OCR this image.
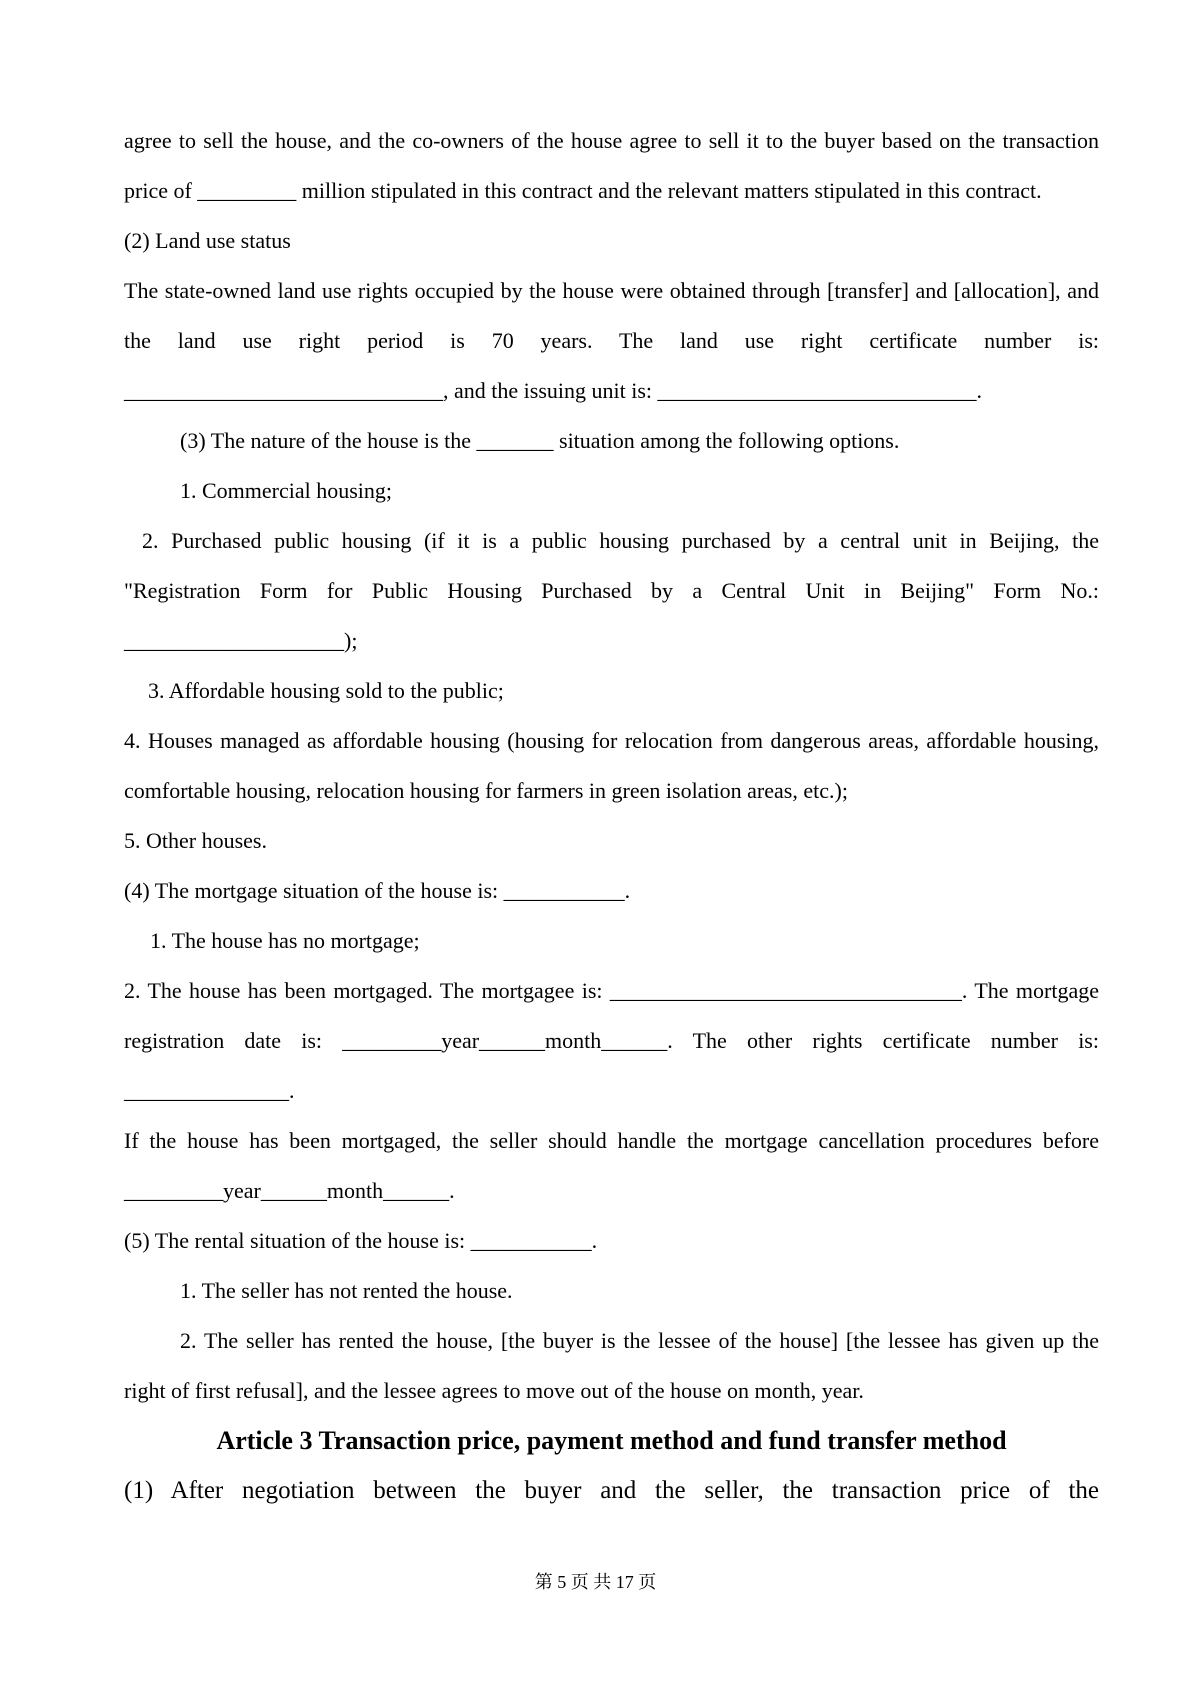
agree to sell the house, and the co-owners of the house agree to sell it to the buyer based on the transaction price of _________ million stipulated in this contract and the relevant matters stipulated in this contract.

(2) Land use status

The state-owned land use rights occupied by the house were obtained through [transfer] and [allocation], and the land use right period is 70 years. The land use right certificate number is: _____________________________, and the issuing unit is: _____________________________.

(3) The nature of the house is the _______ situation among the following options.

1. Commercial housing;

2. Purchased public housing (if it is a public housing purchased by a central unit in Beijing, the "Registration Form for Public Housing Purchased by a Central Unit in Beijing" Form No.: ____________________);

3. Affordable housing sold to the public;

4. Houses managed as affordable housing (housing for relocation from dangerous areas, affordable housing, comfortable housing, relocation housing for farmers in green isolation areas, etc.);

5. Other houses.

(4) The mortgage situation of the house is: ___________.

1. The house has no mortgage;

2. The house has been mortgaged. The mortgagee is: ________________________________. The mortgage registration date is: _________year______month______. The other rights certificate number is: _______________.

If the house has been mortgaged, the seller should handle the mortgage cancellation procedures before _________year______month______.

(5) The rental situation of the house is: ___________.

1. The seller has not rented the house.

2. The seller has rented the house, [the buyer is the lessee of the house] [the lessee has given up the right of first refusal], and the lessee agrees to move out of the house on month, year.

Article 3 Transaction price, payment method and fund transfer method

(1) After negotiation between the buyer and the seller, the transaction price of the

第 5 页 共 17 页
